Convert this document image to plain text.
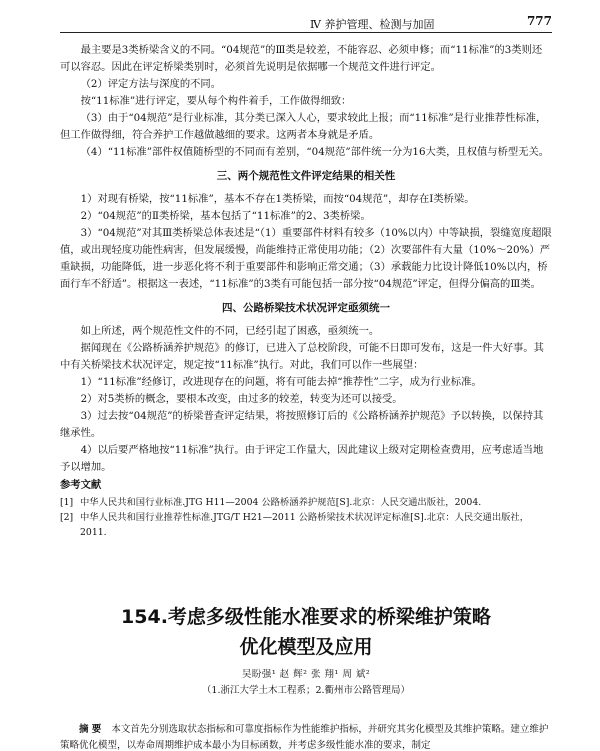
Ⅳ 养护管理、检测与加固	777

最主要是3类桥梁含义的不同。“04规范”的Ⅲ类是较差，不能容忍、必须申修；而“11标准”的3类则还可以容忍。因此在评定桥梁类别时，必须首先说明是依据哪一个规范文件进行评定。

（2）评定方法与深度的不同。

按“11标准”进行评定，要从每个构件着手，工作做得细致：

（3）由于“04规范”是行业标准，其分类已深入人心，要求较此上报；而“11标准”是行业推荐性标准，但工作做得细，符合养护工作越做越细的要求。这两者本身就是矛盾。

（4）“11标准”部件权值随桥型的不同而有差别，“04规范”部件统一分为16大类，且权值与桥型无关。

三、两个规范性文件评定结果的相关性

1）对现有桥梁，按“11标准”，基本不存在1类桥梁，而按“04规范”，却存在Ⅰ类桥梁。

2）“04规范”的Ⅱ类桥梁，基本包括了“11标准”的2、3类桥梁。

3）“04规范”对其Ⅲ类桥梁总体表述是“（1）重要部件材料有较多（10%以内）中等缺损，裂缝宽度超限值，或出现轻度功能性病害，但发展缓慢，尚能维持正常使用功能；（2）次要部件有大量（10%～20%）严重缺损，功能降低，进一步恶化将不利于重要部件和影响正常交通；（3）承载能力比设计降低10%以内，桥面行车不舒适”。根据这一表述，“11标准”的3类有可能包括一部分按“04规范”评定，但得分偏高的Ⅲ类。

四、公路桥梁技术状况评定亟须统一

如上所述，两个规范性文件的不同，已经引起了困惑，亟须统一。

据闻现在《公路桥涵养护规范》的修订，已进入了总校阶段，可能不日即可发布，这是一件大好事。其中有关桥梁技术状况评定，规定按“11标准”执行。对此，我们可以作一些展望：

1）“11标准”经修订，改进现存在的问题，将有可能去掉“推荐性”二字，成为行业标准。

2）对5类桥的概念，要根本改变，由过多的较差，转变为还可以接受。

3）过去按“04规范”的桥梁普查评定结果，将按照修订后的《公路桥涵养护规范》予以转换，以保持其继承性。

4）以后要严格地按“11标准”执行。由于评定工作量大，因此建议上级对定期检查费用，应考虑适当地予以增加。

参考文献
[1] 中华人民共和国行业标准.JTG H11—2004 公路桥涵养护规范[S].北京：人民交通出版社，2004.
[2] 中华人民共和国行业推荐性标准.JTG/T H21—2011 公路桥梁技术状况评定标准[S].北京：人民交通出版社，2011.
154.考虑多级性能水准要求的桥梁维护策略
优化模型及应用
吴盼强¹ 赵 辉² 张 翔¹ 周 斌²
（1.浙江大学土木工程系；2.衢州市公路管理局）

摘 要 本文首先分别选取状态指标和可靠度指标作为性能维护指标，并研究其劣化模型及其维护策略。建立维护策略优化模型，以寿命周期维护成本最小为目标函数，并考虑多级性能水准的要求，制定
